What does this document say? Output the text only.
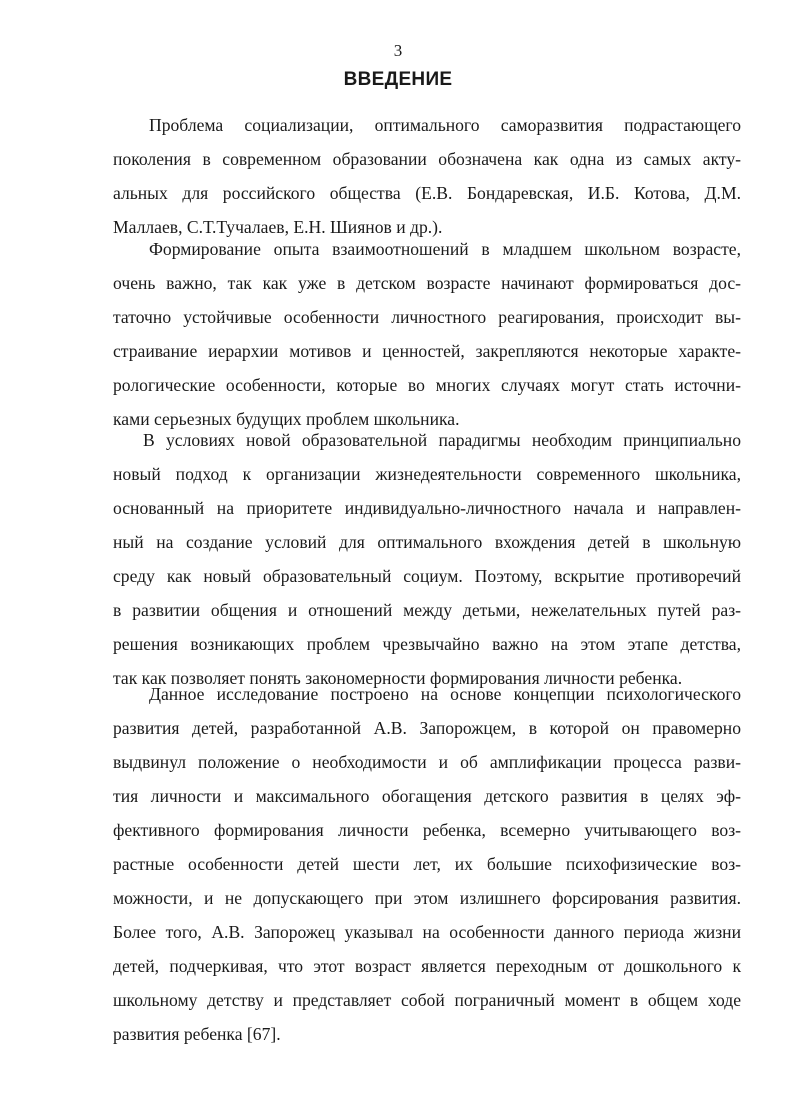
3
ВВЕДЕНИЕ
Проблема социализации, оптимального саморазвития подрастающего
поколения в современном образовании обозначена как одна из самых акту-
альных для российского общества (Е.В. Бондаревская, И.Б. Котова, Д.М.
Маллаев, С.Т.Тучалаев, Е.Н. Шиянов и др.).
Формирование опыта взаимоотношений в младшем школьном возрасте,
очень важно, так как уже в детском возрасте начинают формироваться дос-
таточно устойчивые особенности личностного реагирования, происходит вы-
страивание иерархии мотивов и ценностей, закрепляются некоторые характе-
рологические особенности, которые во многих случаях могут стать источни-
ками серьезных будущих проблем школьника.
В условиях новой образовательной парадигмы необходим принципиально
новый подход к организации жизнедеятельности современного школьника,
основанный на приоритете индивидуально-личностного начала и направлен-
ный на создание условий для оптимального вхождения детей в школьную
среду как новый образовательный социум. Поэтому, вскрытие противоречий
в развитии общения и отношений между детьми, нежелательных путей раз-
решения возникающих проблем чрезвычайно важно на этом этапе детства,
так как позволяет понять закономерности формирования личности ребенка.
Данное исследование построено на основе концепции психологического
развития детей, разработанной А.В. Запорожцем, в которой он правомерно
выдвинул положение о необходимости и об амплификации процесса разви-
тия личности и максимального обогащения детского развития в целях эф-
фективного формирования личности ребенка, всемерно учитывающего воз-
растные особенности детей шести лет, их большие психофизические воз-
можности, и не допускающего при этом излишнего форсирования развития.
Более того, А.В. Запорожец указывал на особенности данного периода жизни
детей, подчеркивая, что этот возраст является переходным от дошкольного к
школьному детству и представляет собой пограничный момент в общем ходе
развития ребенка [67].
